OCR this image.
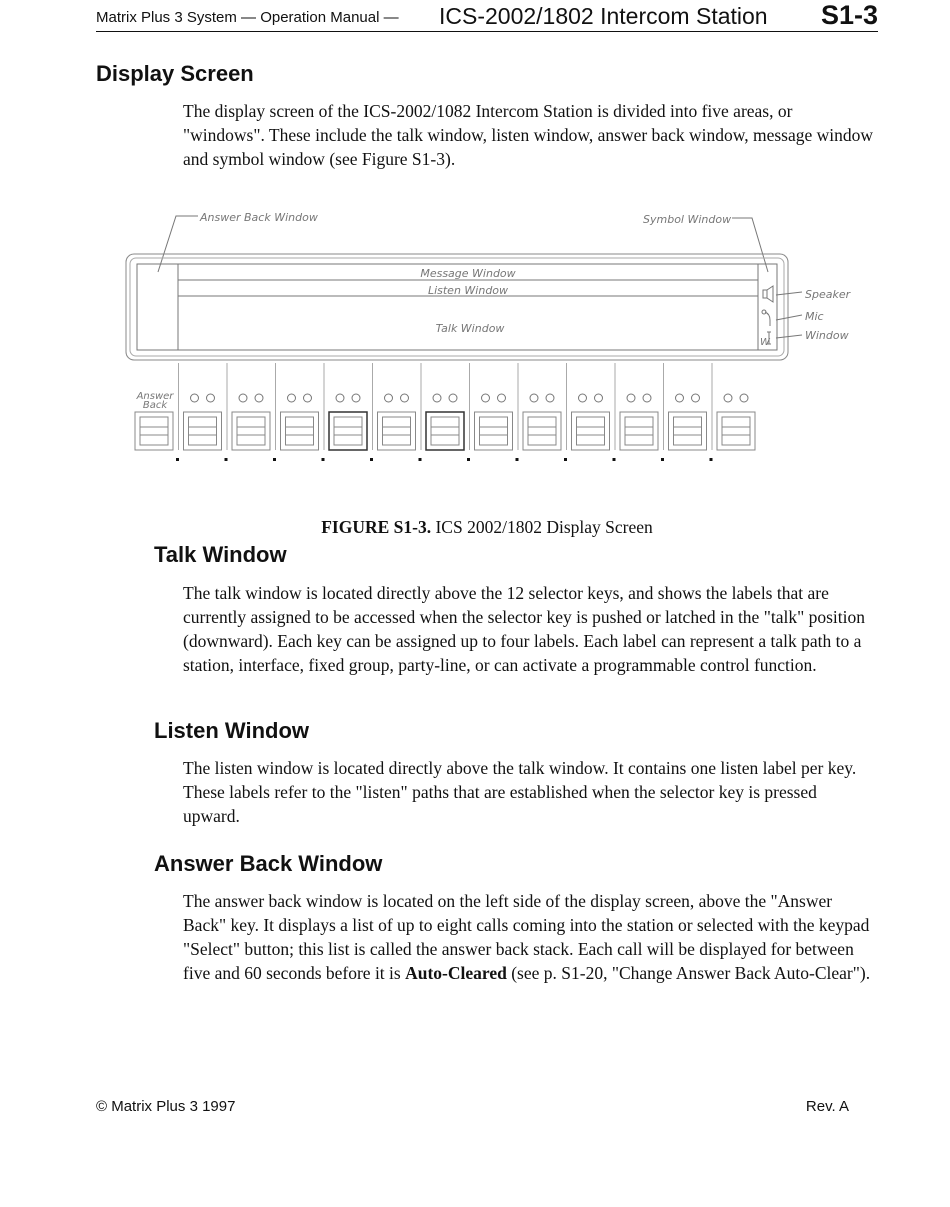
Matrix Plus 3 System — Operation Manual — ICS-2002/1802 Intercom Station S1-3
Display Screen

The display screen of the ICS-2002/1082 Intercom Station is divided into five areas, or "windows". These include the talk window, listen window, answer back window, message window and symbol window (see Figure S1-3).

Answer Back Window	Symbol Window
Message Window
Listen Window
Talk Window
W
Speaker
Mic
Window
Answer
Back
FIGURE S1-3. ICS 2002/1802 Display Screen
Talk Window

The talk window is located directly above the 12 selector keys, and shows the labels that are currently assigned to be accessed when the selector key is pushed or latched in the "talk" position (downward). Each key can be assigned up to four labels. Each label can represent a talk path to a station, interface, fixed group, party-line, or can activate a programmable control function.

Listen Window

The listen window is located directly above the talk window. It contains one listen label per key. These labels refer to the "listen" paths that are established when the selector key is pressed upward.

Answer Back Window

The answer back window is located on the left side of the display screen, above the "Answer Back" key. It displays a list of up to eight calls coming into the station or selected with the keypad "Select" button; this list is called the answer back stack. Each call will be displayed for between five and 60 seconds before it is Auto-Cleared (see p. S1-20, "Change Answer Back Auto-Clear").

© Matrix Plus 3 1997	Rev. A
